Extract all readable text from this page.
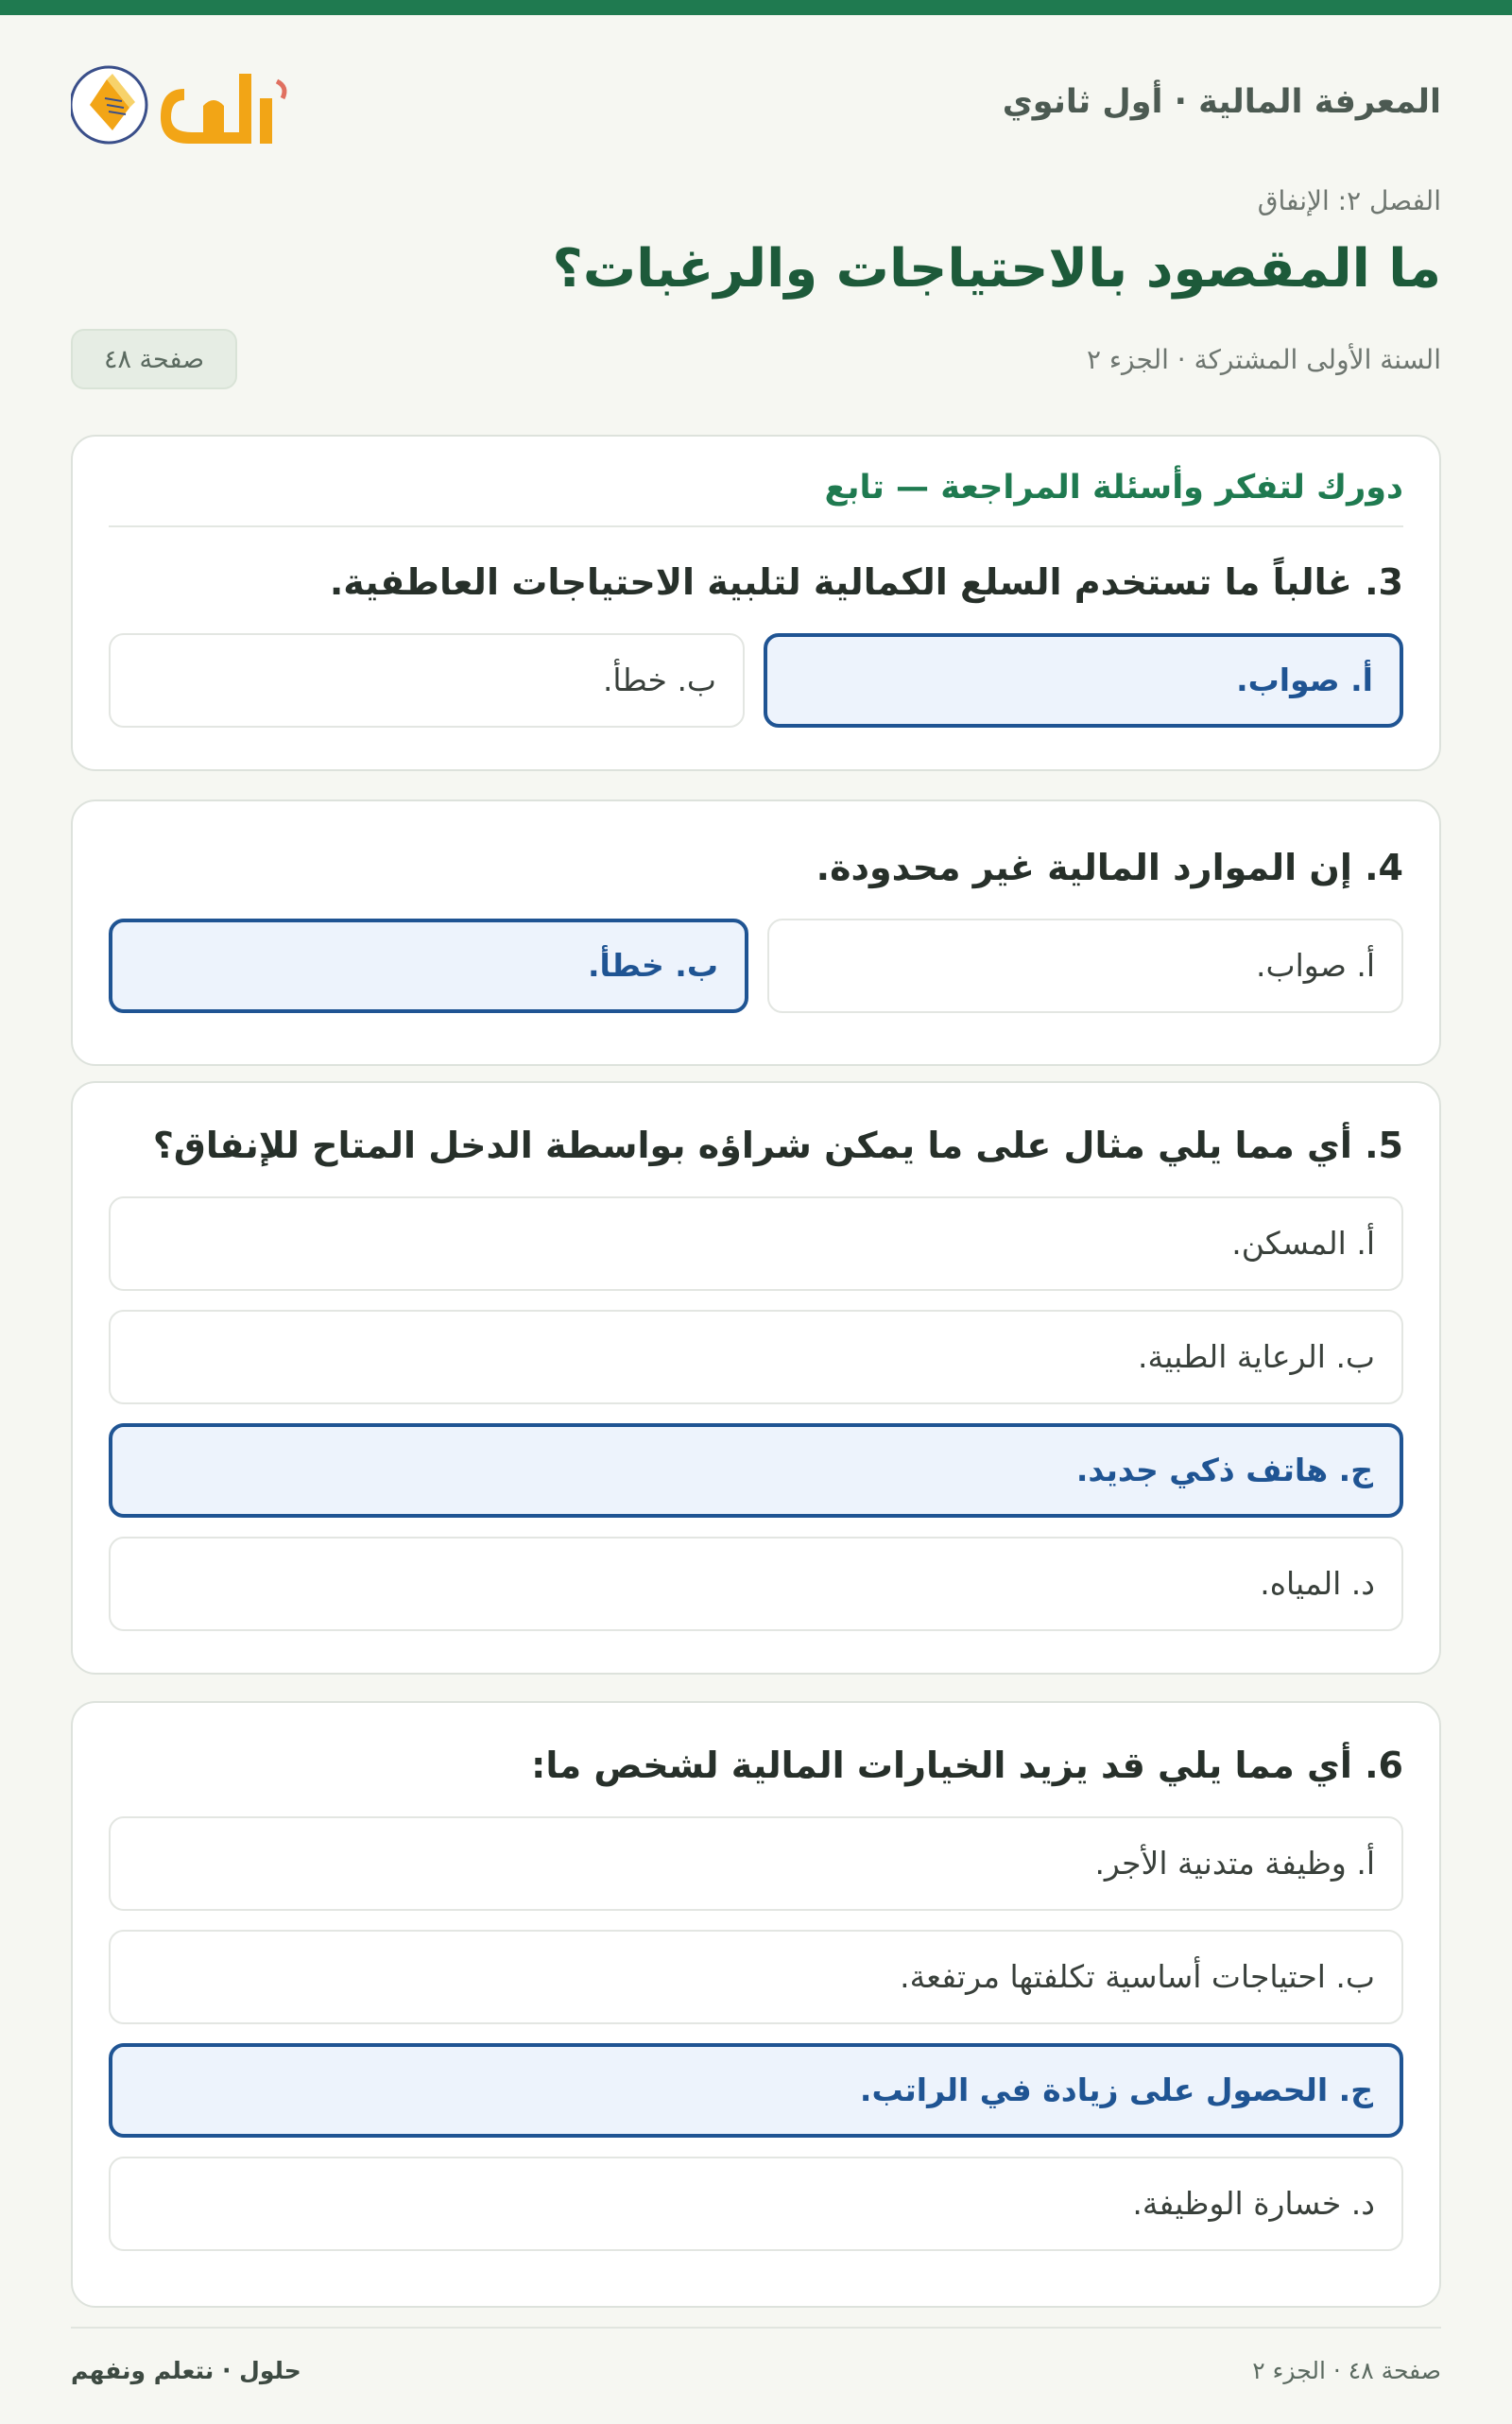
المعرفة المالية · أول ثانوي
الفصل ٢: الإنفاق
ما المقصود بالاحتياجات والرغبات؟
السنة الأولى المشتركة · الجزء ٢
صفحة ٤٨
دورك لتفكر وأسئلة المراجعة — تابع
3. غالباً ما تستخدم السلع الكمالية لتلبية الاحتياجات العاطفية.
أ. صواب.
ب. خطأ.
4. إن الموارد المالية غير محدودة.
أ. صواب.
ب. خطأ.
5. أي مما يلي مثال على ما يمكن شراؤه بواسطة الدخل المتاح للإنفاق؟
أ. المسكن.
ب. الرعاية الطبية.
ج. هاتف ذكي جديد.
د. المياه.
6. أي مما يلي قد يزيد الخيارات المالية لشخص ما:
أ. وظيفة متدنية الأجر.
ب. احتياجات أساسية تكلفتها مرتفعة.
ج. الحصول على زيادة في الراتب.
د. خسارة الوظيفة.
صفحة ٤٨ · الجزء ٢
حلول · نتعلم ونفهم
